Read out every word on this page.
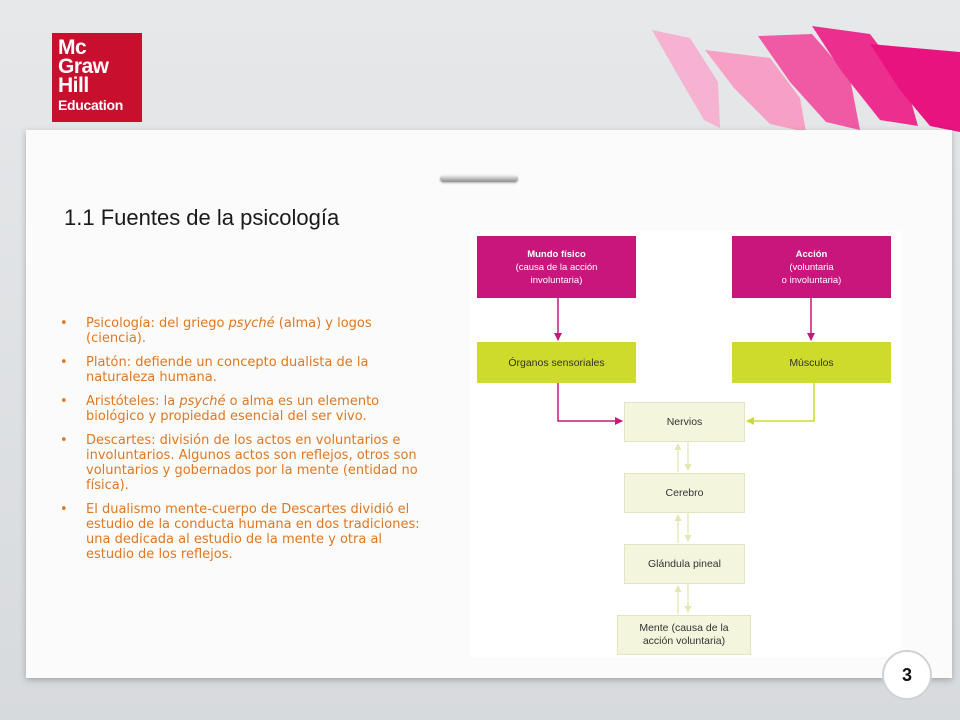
Mc
Graw
Hill
Education
1.1 Fuentes de la psicología
• Psicología: del griego psyché (alma) y logos (ciencia).
• Platón: defiende un concepto dualista de la naturaleza humana.
• Aristóteles: la psyché o alma es un elemento biológico y propiedad esencial del ser vivo.
• Descartes: división de los actos en voluntarios e involuntarios. Algunos actos son reflejos, otros son voluntarios y gobernados por la mente (entidad no física).
• El dualismo mente-cuerpo de Descartes dividió el estudio de la conducta humana en dos tradiciones: una dedicada al estudio de la mente y otra al estudio de los reflejos.
Mundo físico
(causa de la acción
involuntaria)
Acción
(voluntaria
o involuntaria)
Órganos sensoriales	Músculos
Nervios
Cerebro
Glándula pineal
Mente (causa de la
acción voluntaria)
3
